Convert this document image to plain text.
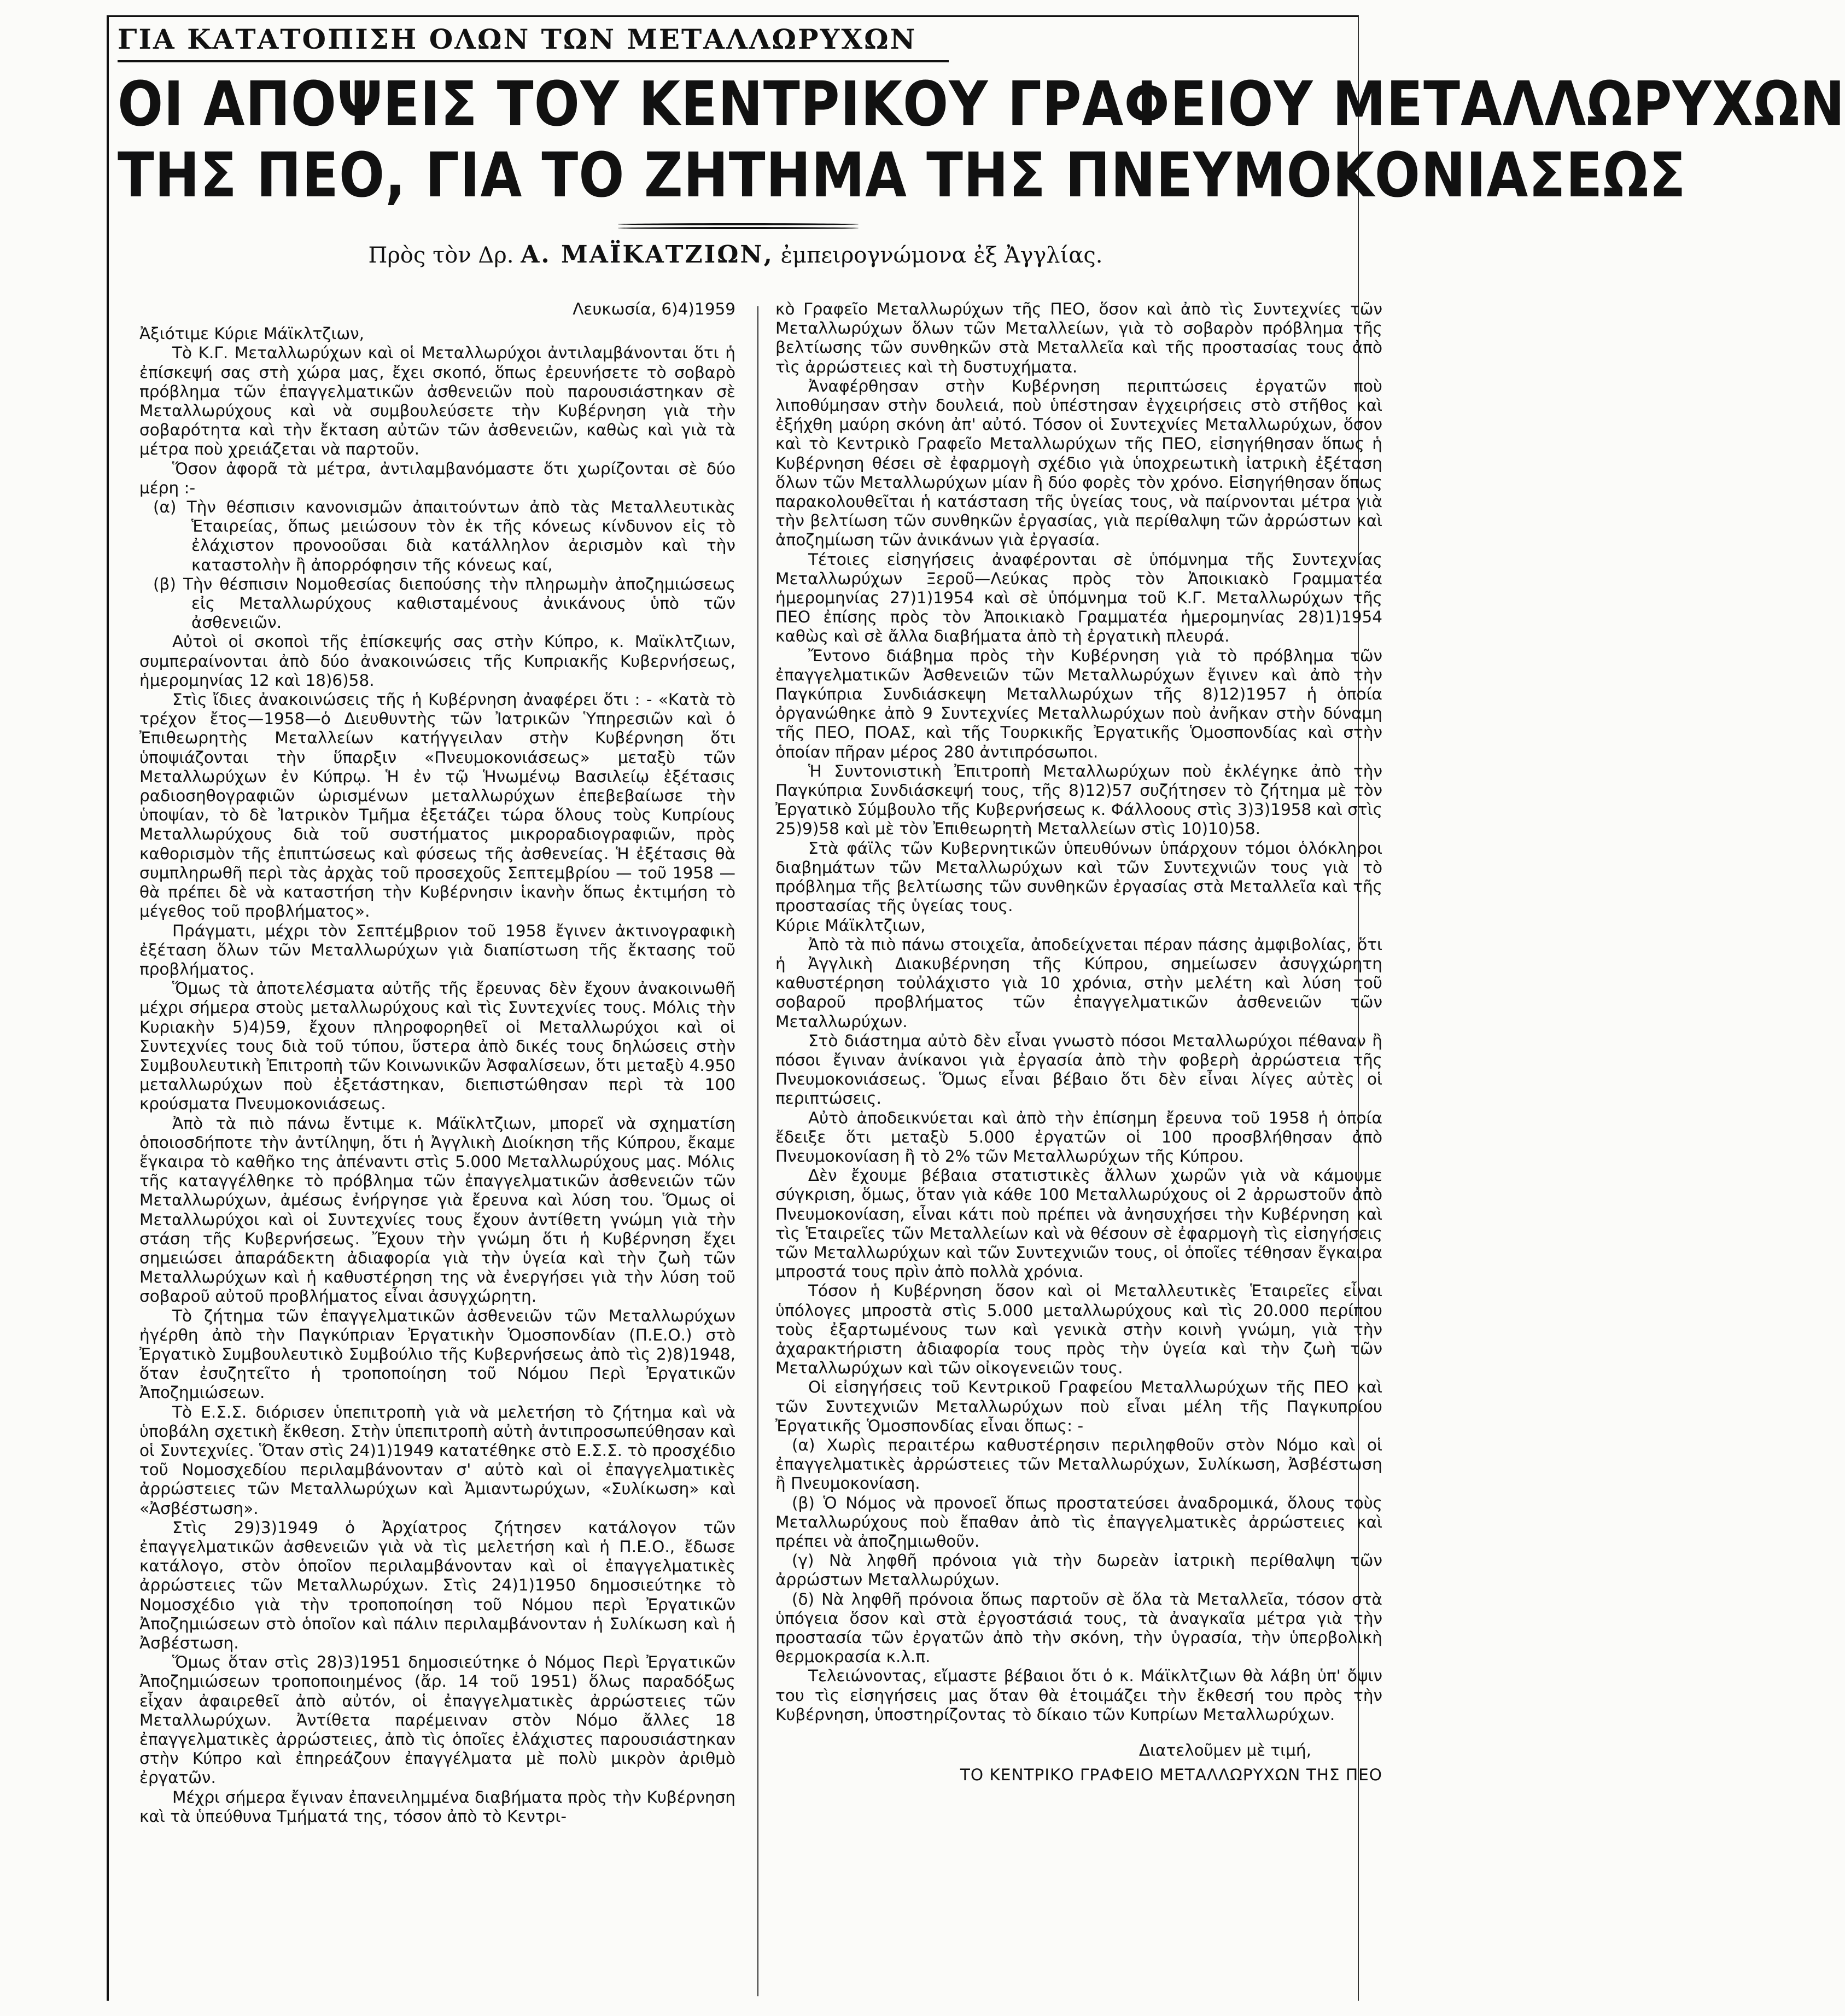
ΓΙΑ ΚΑΤΑΤΟΠΙΣΗ ΟΛΩΝ ΤΩΝ ΜΕΤΑΛΛΩΡΥΧΩΝ
ΟΙ ΑΠΟΨΕΙΣ ΤΟΥ ΚΕΝΤΡΙΚΟΥ ΓΡΑΦΕΙΟΥ ΜΕΤΑΛΛΩΡΥΧΩΝ
ΤΗΣ ΠΕΟ, ΓΙΑ ΤΟ ΖΗΤΗΜΑ ΤΗΣ ΠΝΕΥΜΟΚΟΝΙΑΣΕΩΣ
Πρὸς τὸν Δρ. Α. ΜΑΪΚΑΤΖΙΩΝ, ἐμπειρογνώμονα ἐξ Ἀγγλίας.

Λευκωσία, 6)4)1959

Ἀξιότιμε Κύριε Μάϊκλτζιων,

Τὸ Κ.Γ. Μεταλλωρύχων καὶ οἱ Μεταλλωρύχοι ἀντιλαμβάνονται ὅτι ἡ ἐπίσκεψή σας στὴ χώρα μας, ἔχει σκοπό, ὅπως ἐρευνήσετε τὸ σοβαρὸ πρόβλημα τῶν ἐπαγγελματικῶν ἀσθενειῶν ποὺ παρουσιάστηκαν σὲ Μεταλλωρύχους καὶ νὰ συμβουλεύσετε τὴν Κυβέρνηση γιὰ τὴν σοβαρότητα καὶ τὴν ἔκταση αὐτῶν τῶν ἀσθενειῶν, καθὼς καὶ γιὰ τὰ μέτρα ποὺ χρειάζεται νὰ παρτοῦν.

Ὅσον ἀφορᾶ τὰ μέτρα, ἀντιλαμβανόμαστε ὅτι χωρίζονται σὲ δύο μέρη :-

(α) Τὴν θέσπισιν κανονισμῶν ἀπαιτούντων ἀπὸ τὰς Μεταλλευτικὰς Ἑταιρείας, ὅπως μειώσουν τὸν ἐκ τῆς κόνεως κίνδυνον εἰς τὸ ἐλάχιστον προνοοῦσαι διὰ κατάλληλον ἀερισμὸν καὶ τὴν καταστολὴν ἢ ἀπορρόφησιν τῆς κόνεως καί,

(β) Τὴν θέσπισιν Νομοθεσίας διεπούσης τὴν πληρωμὴν ἀποζημιώσεως εἰς Μεταλλωρύχους καθισταμένους ἀνικάνους ὑπὸ τῶν ἀσθενειῶν.

Αὐτοὶ οἱ σκοποὶ τῆς ἐπίσκεψής σας στὴν Κύπρο, κ. Μαϊκλτζιων, συμπεραίνονται ἀπὸ δύο ἀνακοινώσεις τῆς Κυπριακῆς Κυβερνήσεως, ἡμερομηνίας 12 καὶ 18)6)58.

Στὶς ἴδιες ἀνακοινώσεις τῆς ἡ Κυβέρνηση ἀναφέρει ὅτι : - «Κατὰ τὸ τρέχον ἔτος—1958—ὁ Διευθυντὴς τῶν Ἰατρικῶν Ὑπηρεσιῶν καὶ ὁ Ἐπιθεωρητὴς Μεταλλείων κατήγγειλαν στὴν Κυβέρνηση ὅτι ὑποψιάζονται τὴν ὕπαρξιν «Πνευμοκονιάσεως» μεταξὺ τῶν Μεταλλωρύχων ἐν Κύπρῳ. Ἡ ἐν τῷ Ἡνωμένῳ Βασιλείῳ ἐξέτασις ραδιοσηθογραφιῶν ὡρισμένων μεταλλωρύχων ἐπεβεβαίωσε τὴν ὑποψίαν, τὸ δὲ Ἰατρικὸν Τμῆμα ἐξετάζει τώρα ὅλους τοὺς Κυπρίους Μεταλλωρύχους διὰ τοῦ συστήματος μικροραδιογραφιῶν, πρὸς καθορισμὸν τῆς ἐπιπτώσεως καὶ φύσεως τῆς ἀσθενείας. Ἡ ἐξέτασις θὰ συμπληρωθῆ περὶ τὰς ἀρχὰς τοῦ προσεχοῦς Σεπτεμβρίου — τοῦ 1958 — θὰ πρέπει δὲ νὰ καταστήση τὴν Κυβέρνησιν ἱκανὴν ὅπως ἐκτιμήση τὸ μέγεθος τοῦ προβλήματος».

Πράγματι, μέχρι τὸν Σεπτέμβριον τοῦ 1958 ἔγινεν ἀκτινογραφικὴ ἐξέταση ὅλων τῶν Μεταλλωρύχων γιὰ διαπίστωση τῆς ἔκτασης τοῦ προβλήματος.

Ὅμως τὰ ἀποτελέσματα αὐτῆς τῆς ἔρευνας δὲν ἔχουν ἀνακοινωθῆ μέχρι σήμερα στοὺς μεταλλωρύχους καὶ τὶς Συντεχνίες τους. Μόλις τὴν Κυριακὴν 5)4)59, ἔχουν πληροφορηθεῖ οἱ Μεταλλωρύχοι καὶ οἱ Συντεχνίες τους διὰ τοῦ τύπου, ὕστερα ἀπὸ δικές τους δηλώσεις στὴν Συμβουλευτικὴ Ἐπιτροπὴ τῶν Κοινωνικῶν Ἀσφαλίσεων, ὅτι μεταξὺ 4.950 μεταλλωρύχων ποὺ ἐξετάστηκαν, διεπιστώθησαν περὶ τὰ 100 κρούσματα Πνευμοκονιάσεως.

Ἀπὸ τὰ πιὸ πάνω ἔντιμε κ. Μάϊκλτζιων, μπορεῖ νὰ σχηματίση ὁποιοσδήποτε τὴν ἀντίληψη, ὅτι ἡ Ἀγγλικὴ Διοίκηση τῆς Κύπρου, ἔκαμε ἔγκαιρα τὸ καθῆκο της ἀπέναντι στὶς 5.000 Μεταλλωρύχους μας. Μόλις τῆς καταγγέλθηκε τὸ πρόβλημα τῶν ἐπαγγελματικῶν ἀσθενειῶν τῶν Μεταλλωρύχων, ἀμέσως ἐνήργησε γιὰ ἔρευνα καὶ λύση του. Ὅμως οἱ Μεταλλωρύχοι καὶ οἱ Συντεχνίες τους ἔχουν ἀντίθετη γνώμη γιὰ τὴν στάση τῆς Κυβερνήσεως. Ἔχουν τὴν γνώμη ὅτι ἡ Κυβέρνηση ἔχει σημειώσει ἀπαράδεκτη ἀδιαφορία γιὰ τὴν ὑγεία καὶ τὴν ζωὴ τῶν Μεταλλωρύχων καὶ ἡ καθυστέρηση της νὰ ἐνεργήσει γιὰ τὴν λύση τοῦ σοβαροῦ αὐτοῦ προβλήματος εἶναι ἀσυγχώρητη.

Τὸ ζήτημα τῶν ἐπαγγελματικῶν ἀσθενειῶν τῶν Μεταλλωρύχων ἠγέρθη ἀπὸ τὴν Παγκύπριαν Ἐργατικὴν Ὁμοσπονδίαν (Π.Ε.Ο.) στὸ Ἐργατικὸ Συμβουλευτικὸ Συμβούλιο τῆς Κυβερνήσεως ἀπὸ τὶς 2)8)1948, ὅταν ἐσυζητεῖτο ἡ τροποποίηση τοῦ Νόμου Περὶ Ἐργατικῶν Ἀποζημιώσεων.

Τὸ Ε.Σ.Σ. διόρισεν ὑπεπιτροπὴ γιὰ νὰ μελετήση τὸ ζήτημα καὶ νὰ ὑποβάλη σχετικὴ ἔκθεση. Στὴν ὑπεπιτροπὴ αὐτὴ ἀντιπροσωπεύθησαν καὶ οἱ Συντεχνίες. Ὅταν στὶς 24)1)1949 κατατέθηκε στὸ Ε.Σ.Σ. τὸ προσχέδιο τοῦ Νομοσχεδίου περιλαμβάνονταν σ' αὐτὸ καὶ οἱ ἐπαγγελματικὲς ἀρρώστειες τῶν Μεταλλωρύχων καὶ Ἀμιαντωρύχων, «Συλίκωση» καὶ «Ἀσβέστωση».

Στὶς 29)3)1949 ὁ Ἀρχίατρος ζήτησεν κατάλογον τῶν ἐπαγγελματικῶν ἀσθενειῶν γιὰ νὰ τὶς μελετήση καὶ ἡ Π.Ε.Ο., ἔδωσε κατάλογο, στὸν ὁποῖον περιλαμβάνονταν καὶ οἱ ἐπαγγελματικὲς ἀρρώστειες τῶν Μεταλλωρύχων. Στὶς 24)1)1950 δημοσιεύτηκε τὸ Νομοσχέδιο γιὰ τὴν τροποποίηση τοῦ Νόμου περὶ Ἐργατικῶν Ἀποζημιώσεων στὸ ὁποῖον καὶ πάλιν περιλαμβάνονταν ἡ Συλίκωση καὶ ἡ Ἀσβέστωση.

Ὅμως ὅταν στὶς 28)3)1951 δημοσιεύτηκε ὁ Νόμος Περὶ Ἐργατικῶν Ἀποζημιώσεων τροποποιημένος (ἄρ. 14 τοῦ 1951) ὅλως παραδόξως εἶχαν ἀφαιρεθεῖ ἀπὸ αὐτόν, οἱ ἐπαγγελματικὲς ἀρρώστειες τῶν Μεταλλωρύχων. Ἀντίθετα παρέμειναν στὸν Νόμο ἄλλες 18 ἐπαγγελματικὲς ἀρρώστειες, ἀπὸ τὶς ὁποῖες ἐλάχιστες παρουσιάστηκαν στὴν Κύπρο καὶ ἐπηρεάζουν ἐπαγγέλματα μὲ πολὺ μικρὸν ἀριθμὸ ἐργατῶν.

Μέχρι σήμερα ἔγιναν ἐπανειλημμένα διαβήματα πρὸς τὴν Κυβέρνηση καὶ τὰ ὑπεύθυνα Τμήματά της, τόσον ἀπὸ τὸ Κεντρι-

κὸ Γραφεῖο Μεταλλωρύχων τῆς ΠΕΟ, ὅσον καὶ ἀπὸ τὶς Συντεχνίες τῶν Μεταλλωρύχων ὅλων τῶν Μεταλλείων, γιὰ τὸ σοβαρὸν πρόβλημα τῆς βελτίωσης τῶν συνθηκῶν στὰ Μεταλλεῖα καὶ τῆς προστασίας τους ἀπὸ τὶς ἀρρώστειες καὶ τὴ δυστυχήματα.

Ἀναφέρθησαν στὴν Κυβέρνηση περιπτώσεις ἐργατῶν ποὺ λιποθύμησαν στὴν δουλειά, ποὺ ὑπέστησαν ἐγχειρήσεις στὸ στῆθος καὶ ἐξήχθη μαύρη σκόνη ἀπ' αὐτό. Τόσον οἱ Συντεχνίες Μεταλλωρύχων, ὅσον καὶ τὸ Κεντρικὸ Γραφεῖο Μεταλλωρύχων τῆς ΠΕΟ, εἰσηγήθησαν ὅπως ἡ Κυβέρνηση θέσει σὲ ἐφαρμογὴ σχέδιο γιὰ ὑποχρεωτικὴ ἰατρικὴ ἐξέταση ὅλων τῶν Μεταλλωρύχων μίαν ἢ δύο φορὲς τὸν χρόνο. Εἰσηγήθησαν ὅπως παρακολουθεῖται ἡ κατάσταση τῆς ὑγείας τους, νὰ παίρνονται μέτρα γιὰ τὴν βελτίωση τῶν συνθηκῶν ἐργασίας, γιὰ περίθαλψη τῶν ἀρρώστων καὶ ἀποζημίωση τῶν ἀνικάνων γιὰ ἐργασία.

Τέτοιες εἰσηγήσεις ἀναφέρονται σὲ ὑπόμνημα τῆς Συντεχνίας Μεταλλωρύχων Ξεροῦ—Λεύκας πρὸς τὸν Ἀποικιακὸ Γραμματέα ἡμερομηνίας 27)1)1954 καὶ σὲ ὑπόμνημα τοῦ Κ.Γ. Μεταλλωρύχων τῆς ΠΕΟ ἐπίσης πρὸς τὸν Ἀποικιακὸ Γραμματέα ἡμερομηνίας 28)1)1954 καθὼς καὶ σὲ ἄλλα διαβήματα ἀπὸ τὴ ἐργατικὴ πλευρά.

Ἔντονο διάβημα πρὸς τὴν Κυβέρνηση γιὰ τὸ πρόβλημα τῶν ἐπαγγελματικῶν Ἀσθενειῶν τῶν Μεταλλωρύχων ἔγινεν καὶ ἀπὸ τὴν Παγκύπρια Συνδιάσκεψη Μεταλλωρύχων τῆς 8)12)1957 ἡ ὁποία ὀργανώθηκε ἀπὸ 9 Συντεχνίες Μεταλλωρύχων ποὺ ἀνῆκαν στὴν δύναμη τῆς ΠΕΟ, ΠΟΑΣ, καὶ τῆς Τουρκικῆς Ἐργατικῆς Ὁμοσπονδίας καὶ στὴν ὁποίαν πῆραν μέρος 280 ἀντιπρόσωποι.

Ἡ Συντονιστικὴ Ἐπιτροπὴ Μεταλλωρύχων ποὺ ἐκλέγηκε ἀπὸ τὴν Παγκύπρια Συνδιάσκεψή τους, τῆς 8)12)57 συζήτησεν τὸ ζήτημα μὲ τὸν Ἐργατικὸ Σύμβουλο τῆς Κυβερνήσεως κ. Φάλλοους στὶς 3)3)1958 καὶ στὶς 25)9)58 καὶ μὲ τὸν Ἐπιθεωρητὴ Μεταλλείων στὶς 10)10)58.

Στὰ φάϊλς τῶν Κυβερνητικῶν ὑπευθύνων ὑπάρχουν τόμοι ὁλόκληροι διαβημάτων τῶν Μεταλλωρύχων καὶ τῶν Συντεχνιῶν τους γιὰ τὸ πρόβλημα τῆς βελτίωσης τῶν συνθηκῶν ἐργασίας στὰ Μεταλλεῖα καὶ τῆς προστασίας τῆς ὑγείας τους.

Κύριε Μάϊκλτζιων,

Ἀπὸ τὰ πιὸ πάνω στοιχεῖα, ἀποδείχνεται πέραν πάσης ἀμφιβολίας, ὅτι ἡ Ἀγγλικὴ Διακυβέρνηση τῆς Κύπρου, σημείωσεν ἀσυγχώρητη καθυστέρηση τοὐλάχιστο γιὰ 10 χρόνια, στὴν μελέτη καὶ λύση τοῦ σοβαροῦ προβλήματος τῶν ἐπαγγελματικῶν ἀσθενειῶν τῶν Μεταλλωρύχων.

Στὸ διάστημα αὐτὸ δὲν εἶναι γνωστὸ πόσοι Μεταλλωρύχοι πέθαναν ἢ πόσοι ἔγιναν ἀνίκανοι γιὰ ἐργασία ἀπὸ τὴν φοβερὴ ἀρρώστεια τῆς Πνευμοκονιάσεως. Ὅμως εἶναι βέβαιο ὅτι δὲν εἶναι λίγες αὐτὲς οἱ περιπτώσεις.

Αὐτὸ ἀποδεικνύεται καὶ ἀπὸ τὴν ἐπίσημη ἔρευνα τοῦ 1958 ἡ ὁποία ἔδειξε ὅτι μεταξὺ 5.000 ἐργατῶν οἱ 100 προσβλήθησαν ἀπὸ Πνευμοκονίαση ἢ τὸ 2% τῶν Μεταλλωρύχων τῆς Κύπρου.

Δὲν ἔχουμε βέβαια στατιστικὲς ἄλλων χωρῶν γιὰ νὰ κάμουμε σύγκριση, ὅμως, ὅταν γιὰ κάθε 100 Μεταλλωρύχους οἱ 2 ἀρρωστοῦν ἀπὸ Πνευμοκονίαση, εἶναι κάτι ποὺ πρέπει νὰ ἀνησυχήσει τὴν Κυβέρνηση καὶ τὶς Ἑταιρεῖες τῶν Μεταλλείων καὶ νὰ θέσουν σὲ ἐφαρμογὴ τὶς εἰσηγήσεις τῶν Μεταλλωρύχων καὶ τῶν Συντεχνιῶν τους, οἱ ὁποῖες τέθησαν ἔγκαιρα μπροστά τους πρὶν ἀπὸ πολλὰ χρόνια.

Τόσον ἡ Κυβέρνηση ὅσον καὶ οἱ Μεταλλευτικὲς Ἑταιρεῖες εἶναι ὑπόλογες μπροστὰ στὶς 5.000 μεταλλωρύχους καὶ τὶς 20.000 περίπου τοὺς ἐξαρτωμένους των καὶ γενικὰ στὴν κοινὴ γνώμη, γιὰ τὴν ἀχαρακτήριστη ἀδιαφορία τους πρὸς τὴν ὑγεία καὶ τὴν ζωὴ τῶν Μεταλλωρύχων καὶ τῶν οἰκογενειῶν τους.

Οἱ εἰσηγήσεις τοῦ Κεντρικοῦ Γραφείου Μεταλλωρύχων τῆς ΠΕΟ καὶ τῶν Συντεχνιῶν Μεταλλωρύχων ποὺ εἶναι μέλη τῆς Παγκυπρίου Ἐργατικῆς Ὁμοσπονδίας εἶναι ὅπως: -

(α) Χωρὶς περαιτέρω καθυστέρησιν περιληφθοῦν στὸν Νόμο καὶ οἱ ἐπαγγελματικὲς ἀρρώστειες τῶν Μεταλλωρύχων, Συλίκωση, Ἀσβέστωση ἢ Πνευμοκονίαση.

(β) Ὁ Νόμος νὰ προνοεῖ ὅπως προστατεύσει ἀναδρομικά, ὅλους τοὺς Μεταλλωρύχους ποὺ ἔπαθαν ἀπὸ τὶς ἐπαγγελματικὲς ἀρρώστειες καὶ πρέπει νὰ ἀποζημιωθοῦν.

(γ) Νὰ ληφθῆ πρόνοια γιὰ τὴν δωρεὰν ἰατρικὴ περίθαλψη τῶν ἀρρώστων Μεταλλωρύχων.

(δ) Νὰ ληφθῆ πρόνοια ὅπως παρτοῦν σὲ ὅλα τὰ Μεταλλεῖα, τόσον στὰ ὑπόγεια ὅσον καὶ στὰ ἐργοστάσιά τους, τὰ ἀναγκαῖα μέτρα γιὰ τὴν προστασία τῶν ἐργατῶν ἀπὸ τὴν σκόνη, τὴν ὑγρασία, τὴν ὑπερβολικὴ θερμοκρασία κ.λ.π.

Τελειώνοντας, εἴμαστε βέβαιοι ὅτι ὁ κ. Μάϊκλτζιων θὰ λάβη ὑπ' ὄψιν του τὶς εἰσηγήσεις μας ὅταν θὰ ἑτοιμάζει τὴν ἔκθεσή του πρὸς τὴν Κυβέρνηση, ὑποστηρίζοντας τὸ δίκαιο τῶν Κυπρίων Μεταλλωρύχων.

Διατελοῦμεν μὲ τιμή,

ΤΟ ΚΕΝΤΡΙΚΟ ΓΡΑΦΕΙΟ ΜΕΤΑΛΛΩΡΥΧΩΝ ΤΗΣ ΠΕΟ
